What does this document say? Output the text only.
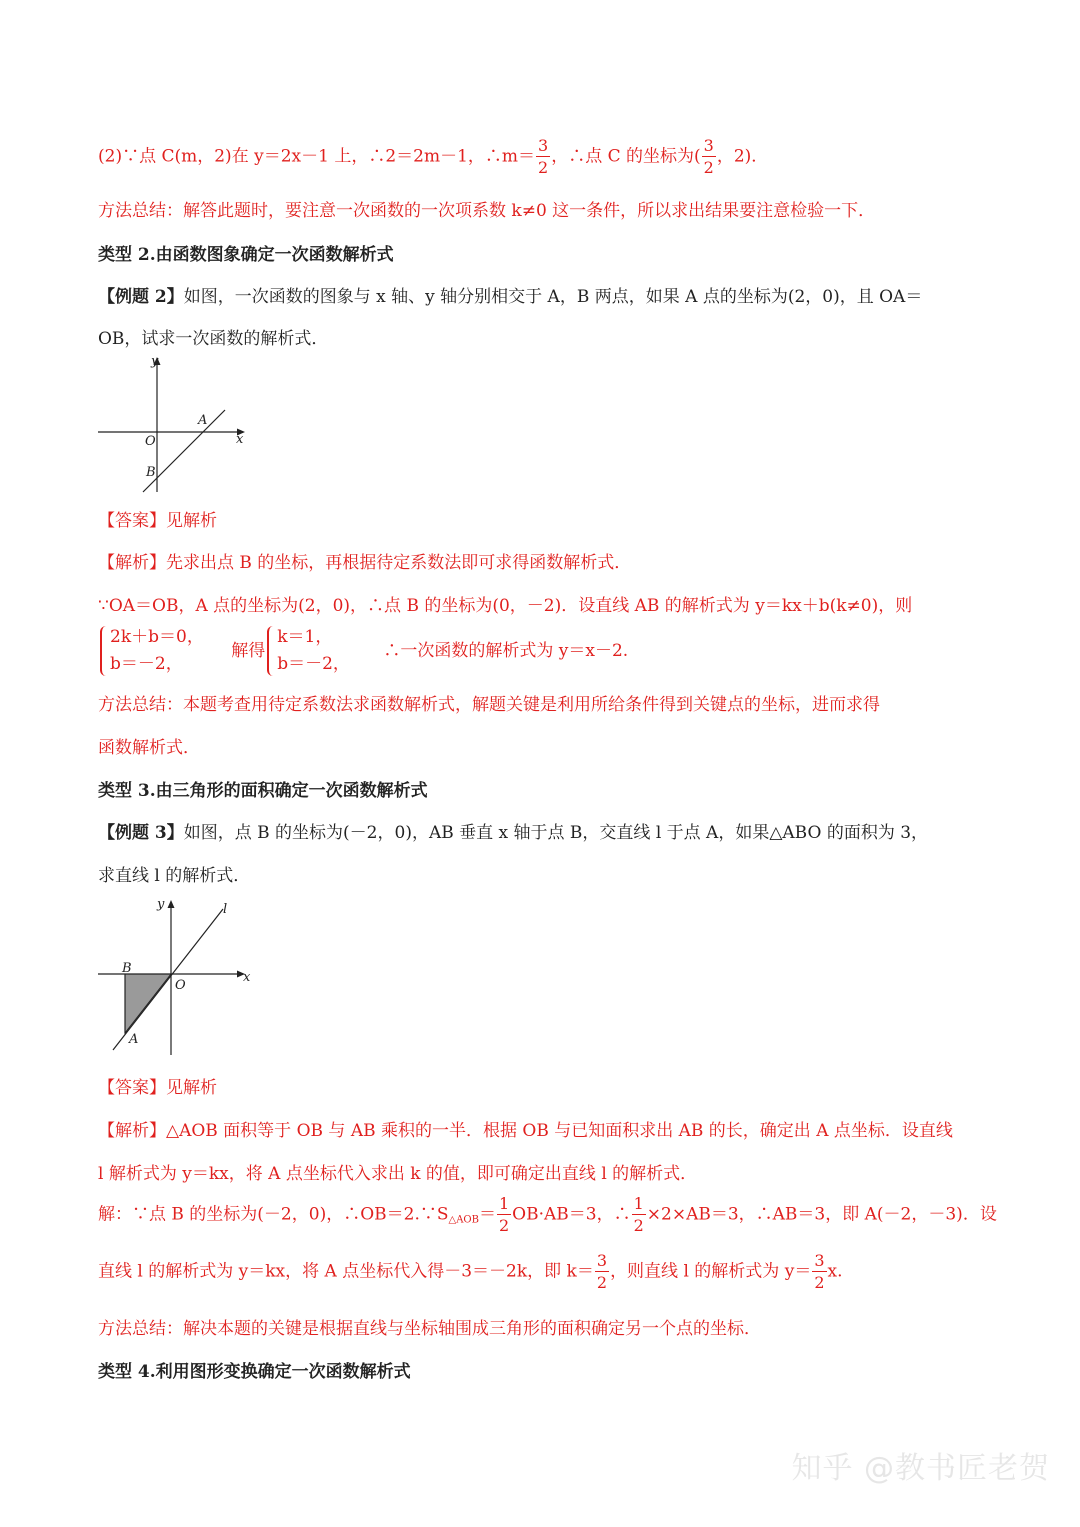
(2)∵点 C(m，2)在 y＝2x－1 上，∴2＝2m－1，∴m＝ $\frac{3}{2}$ ，∴点 C 的坐标为( $\frac{3}{2}$ ，2)．
方法总结：解答此题时，要注意一次函数的一次项系数 k≠0 这一条件，所以求出结果要注意检验一下．
类型 2.由函数图象确定一次函数解析式
【例题 2】如图，一次函数的图象与 x 轴、y 轴分别相交于 A，B 两点，如果 A 点的坐标为(2，0)，且 OA＝
OB，试求一次函数的解析式．
y
x
O
A
B
【答案】见解析
【解析】先求出点 B 的坐标，再根据待定系数法即可求得函数解析式．
∵OA＝OB，A 点的坐标为(2，0)，∴点 B 的坐标为(0，－2)．设直线 AB 的解析式为 y＝kx＋b(k≠0)，则
2k＋b＝0，
b＝－2，
解得
k＝1，
b＝－2，
∴一次函数的解析式为 y＝x－2.
方法总结：本题考查用待定系数法求函数解析式，解题关键是利用所给条件得到关键点的坐标，进而求得
函数解析式．
类型 3.由三角形的面积确定一次函数解析式
【例题 3】如图，点 B 的坐标为(－2，0)，AB 垂直 x 轴于点 B，交直线 l 于点 A，如果△ABO 的面积为 3，
求直线 l 的解析式．
y
x
O
B
A
l
【答案】见解析
【解析】△AOB 面积等于 OB 与 AB 乘积的一半．根据 OB 与已知面积求出 AB 的长，确定出 A 点坐标．设直线
l 解析式为 y＝kx，将 A 点坐标代入求出 k 的值，即可确定出直线 l 的解析式．
解：∵点 B 的坐标为(－2，0)，$\therefore OB=2.\because S_{\triangle AOB}= \frac{1}{2} OB\cdot AB=3$，∴ $\frac{1}{2} \times 2\times AB=3$，∴AB＝3，即 A(－2，－3)．设
直线 l 的解析式为 y＝kx，将 A 点坐标代入得－3＝－2k，即 $k= \frac{3}{2}$ ，则直线 l 的解析式为 $y= \frac{3}{2} x$.
方法总结：解决本题的关键是根据直线与坐标轴围成三角形的面积确定另一个点的坐标．
类型 4.利用图形变换确定一次函数解析式
知乎 @教书匠老贺
